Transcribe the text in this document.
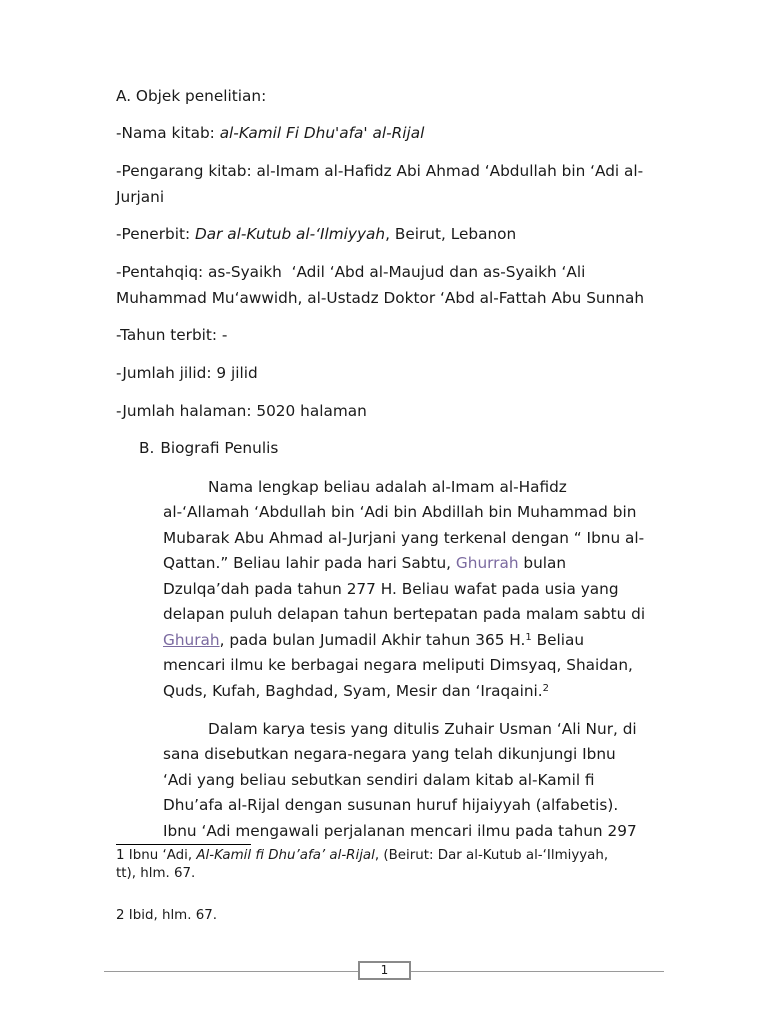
A. Objek penelitian:
-Nama kitab: al-Kamil Fi Dhu'afa' al-Rijal
-Pengarang kitab: al-Imam al-Hafidz Abi Ahmad ‘Abdullah bin ‘Adi al-
Jurjani
-Penerbit: Dar al-Kutub al-‘Ilmiyyah, Beirut, Lebanon
-Pentahqiq: as-Syaikh  ‘Adil ‘Abd al-Maujud dan as-Syaikh ‘Ali
Muhammad Mu‘awwidh, al-Ustadz Doktor ‘Abd al-Fattah Abu Sunnah
-Tahun terbit: -
-Jumlah jilid: 9 jilid
-Jumlah halaman: 5020 halaman
B. Biografi Penulis
Nama lengkap beliau adalah al-Imam al-Hafidz
al-‘Allamah ‘Abdullah bin ‘Adi bin Abdillah bin Muhammad bin
Mubarak Abu Ahmad al-Jurjani yang terkenal dengan “ Ibnu al-
Qattan.” Beliau lahir pada hari Sabtu, Ghurrah bulan
Dzulqa’dah pada tahun 277 H. Beliau wafat pada usia yang
delapan puluh delapan tahun bertepatan pada malam sabtu di
Ghurah, pada bulan Jumadil Akhir tahun 365 H.$^1$ Beliau
mencari ilmu ke berbagai negara meliputi Dimsyaq, Shaidan,
Quds, Kufah, Baghdad, Syam, Mesir dan ‘Iraqaini.$^2$
Dalam karya tesis yang ditulis Zuhair Usman ‘Ali Nur, di
sana disebutkan negara-negara yang telah dikunjungi Ibnu
‘Adi yang beliau sebutkan sendiri dalam kitab al-Kamil fi
Dhu’afa al-Rijal dengan susunan huruf hijaiyyah (alfabetis).
Ibnu ‘Adi mengawali perjalanan mencari ilmu pada tahun 297
1 Ibnu ‘Adi, Al-Kamil fi Dhu’afa’ al-Rijal, (Beirut: Dar al-Kutub al-‘Ilmiyyah,
tt), hlm. 67.
2 Ibid, hlm. 67.
1
